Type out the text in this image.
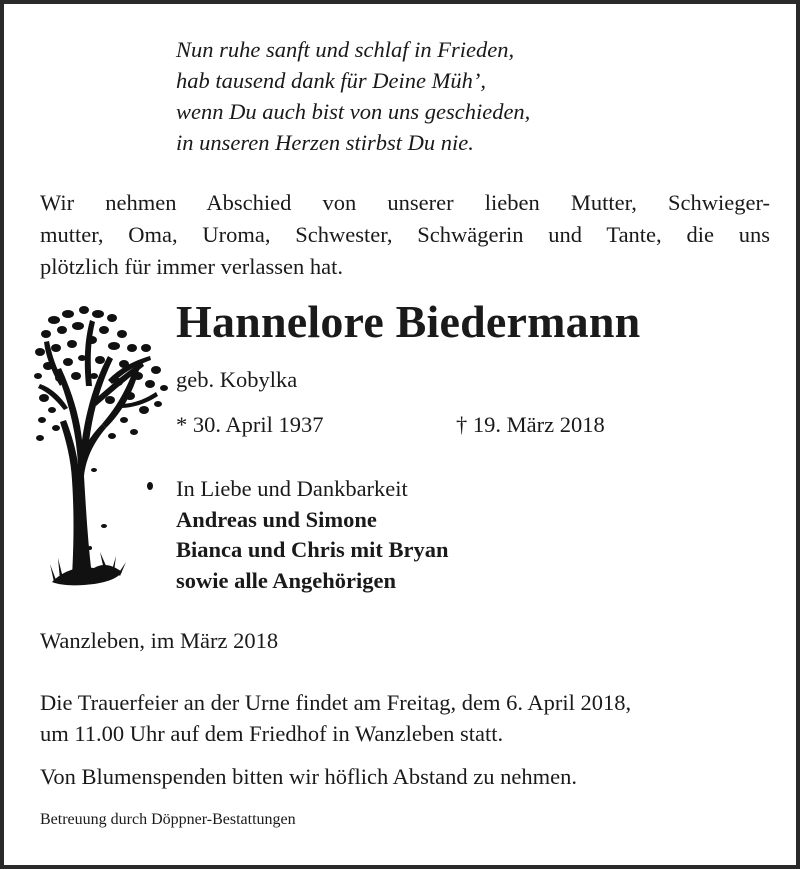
Nun ruhe sanft und schlaf in Frieden,
hab tausend dank für Deine Müh’,
wenn Du auch bist von uns geschieden,
in unseren Herzen stirbst Du nie.
Wir nehmen Abschied von unserer lieben Mutter, Schwieger-
mutter, Oma, Uroma, Schwester, Schwägerin und Tante, die uns
plötzlich für immer verlassen hat.
Hannelore Biedermann
geb. Kobylka
* 30. April 1937	† 19. März 2018
In Liebe und Dankbarkeit
Andreas und Simone
Bianca und Chris mit Bryan
sowie alle Angehörigen
Wanzleben, im März 2018
Die Trauerfeier an der Urne findet am Freitag, dem 6. April 2018,
um 11.00 Uhr auf dem Friedhof in Wanzleben statt.
Von Blumenspenden bitten wir höflich Abstand zu nehmen.
Betreuung durch Döppner-Bestattungen
